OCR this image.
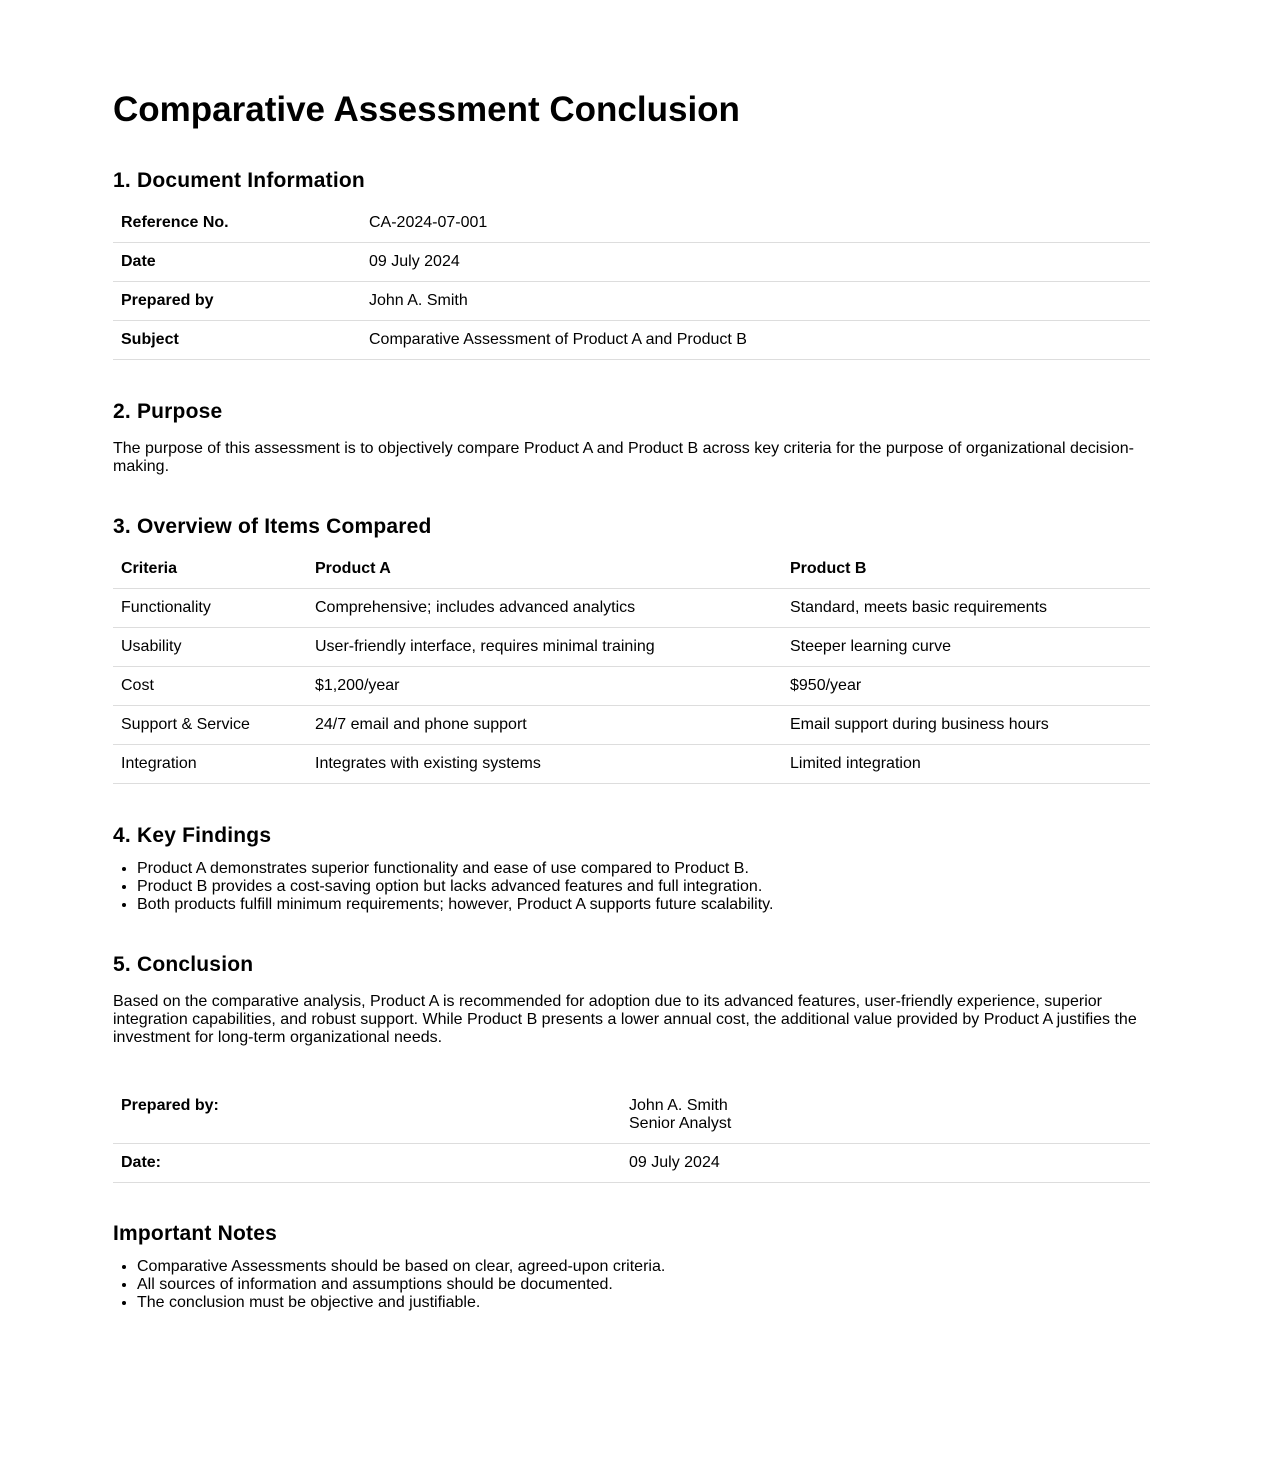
Comparative Assessment Conclusion
1. Document Information
Reference No.	CA-2024-07-001
Date	09 July 2024
Prepared by	John A. Smith
Subject	Comparative Assessment of Product A and Product B
2. Purpose

The purpose of this assessment is to objectively compare Product A and Product B across key criteria for the purpose of organizational decision-making.

3. Overview of Items Compared
Criteria	Product A	Product B
Functionality	Comprehensive; includes advanced analytics	Standard, meets basic requirements
Usability	User-friendly interface, requires minimal training	Steeper learning curve
Cost	$1,200/year	$950/year
Support & Service	24/7 email and phone support	Email support during business hours
Integration	Integrates with existing systems	Limited integration
4. Key Findings
• Product A demonstrates superior functionality and ease of use compared to Product B.
• Product B provides a cost-saving option but lacks advanced features and full integration.
• Both products fulfill minimum requirements; however, Product A supports future scalability.
5. Conclusion

Based on the comparative analysis, Product A is recommended for adoption due to its advanced features, user-friendly experience, superior integration capabilities, and robust support. While Product B presents a lower annual cost, the additional value provided by Product A justifies the investment for long-term organizational needs.

Prepared by:	John A. Smith
Senior Analyst

Date:	09 July 2024
Important Notes
• Comparative Assessments should be based on clear, agreed-upon criteria.
• All sources of information and assumptions should be documented.
• The conclusion must be objective and justifiable.
